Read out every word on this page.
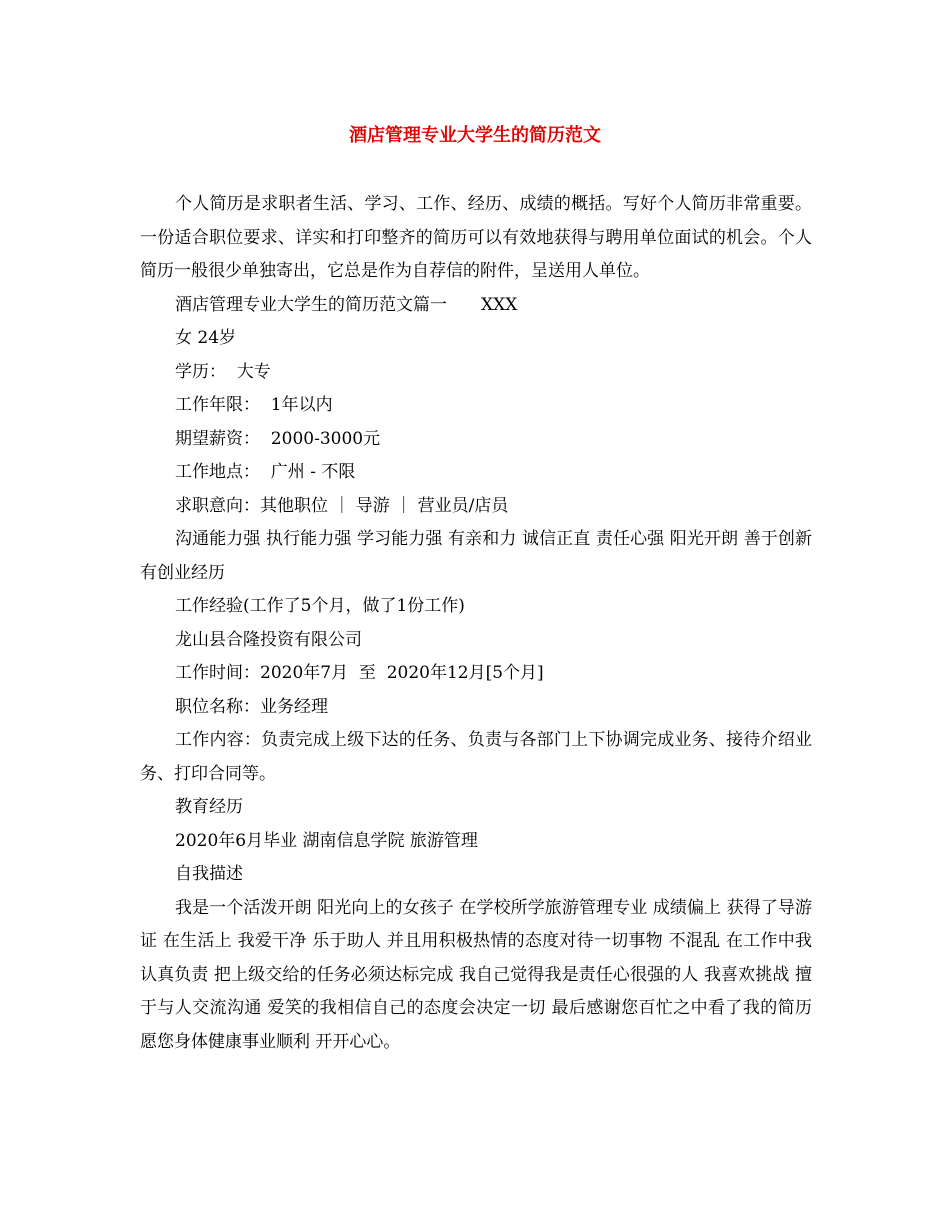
酒店管理专业大学生的简历范文

个人简历是求职者生活、学习、工作、经历、成绩的概括。写好个人简历非常重要。一份适合职位要求、详实和打印整齐的简历可以有效地获得与聘用单位面试的机会。个人简历一般很少单独寄出，它总是作为自荐信的附件，呈送用人单位。

酒店管理专业大学生的简历范文篇一 XXX

女 24岁

学历：  大专

工作年限：  1年以内

期望薪资：  2000-3000元

工作地点：  广州 - 不限

求职意向：其他职位 ｜ 导游 ｜ 营业员/店员

沟通能力强 执行能力强 学习能力强 有亲和力 诚信正直 责任心强 阳光开朗 善于创新 有创业经历

工作经验(工作了5个月，做了1份工作)

龙山县合隆投资有限公司

工作时间：2020年7月  至  2020年12月[5个月]

职位名称：业务经理

工作内容：负责完成上级下达的任务、负责与各部门上下协调完成业务、接待介绍业务、打印合同等。

教育经历

2020年6月毕业 湖南信息学院 旅游管理

自我描述

我是一个活泼开朗 阳光向上的女孩子 在学校所学旅游管理专业 成绩偏上 获得了导游证 在生活上 我爱干净 乐于助人 并且用积极热情的态度对待一切事物 不混乱 在工作中我认真负责 把上级交给的任务必须达标完成 我自己觉得我是责任心很强的人 我喜欢挑战 擅于与人交流沟通 爱笑的我相信自己的态度会决定一切 最后感谢您百忙之中看了我的简历 愿您身体健康事业顺利 开开心心。
